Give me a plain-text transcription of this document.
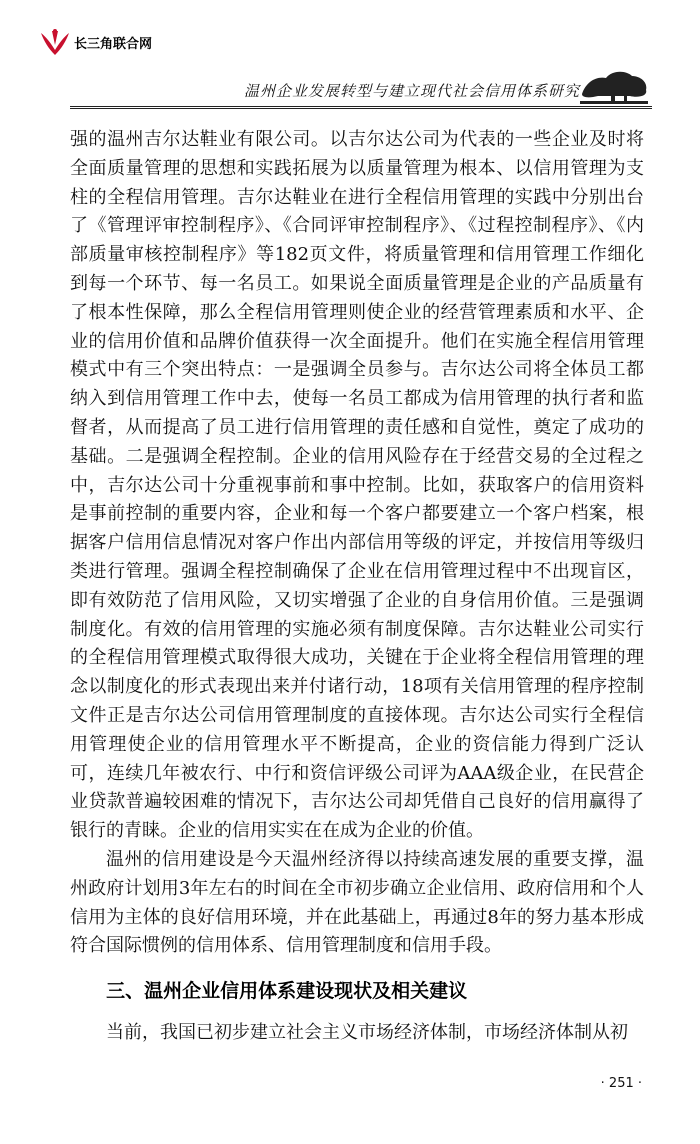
长三角联合网
温州企业发展转型与建立现代社会信用体系研究

强的温州吉尔达鞋业有限公司。以吉尔达公司为代表的一些企业及时将全面质量管理的思想和实践拓展为以质量管理为根本、以信用管理为支柱的全程信用管理。吉尔达鞋业在进行全程信用管理的实践中分别出台了《管理评审控制程序》、《合同评审控制程序》、《过程控制程序》、《内部质量审核控制程序》等182页文件，将质量管理和信用管理工作细化到每一个环节、每一名员工。如果说全面质量管理是企业的产品质量有了根本性保障，那么全程信用管理则使企业的经营管理素质和水平、企业的信用价值和品牌价值获得一次全面提升。他们在实施全程信用管理模式中有三个突出特点：一是强调全员参与。吉尔达公司将全体员工都纳入到信用管理工作中去，使每一名员工都成为信用管理的执行者和监督者，从而提高了员工进行信用管理的责任感和自觉性，奠定了成功的基础。二是强调全程控制。企业的信用风险存在于经营交易的全过程之中，吉尔达公司十分重视事前和事中控制。比如，获取客户的信用资料是事前控制的重要内容，企业和每一个客户都要建立一个客户档案，根据客户信用信息情况对客户作出内部信用等级的评定，并按信用等级归类进行管理。强调全程控制确保了企业在信用管理过程中不出现盲区，即有效防范了信用风险，又切实增强了企业的自身信用价值。三是强调制度化。有效的信用管理的实施必须有制度保障。吉尔达鞋业公司实行的全程信用管理模式取得很大成功，关键在于企业将全程信用管理的理念以制度化的形式表现出来并付诸行动，18项有关信用管理的程序控制文件正是吉尔达公司信用管理制度的直接体现。吉尔达公司实行全程信用管理使企业的信用管理水平不断提高，企业的资信能力得到广泛认可，连续几年被农行、中行和资信评级公司评为AAA级企业，在民营企业贷款普遍较困难的情况下，吉尔达公司却凭借自己良好的信用赢得了银行的青睐。企业的信用实实在在成为企业的价值。

温州的信用建设是今天温州经济得以持续高速发展的重要支撑，温州政府计划用3年左右的时间在全市初步确立企业信用、政府信用和个人信用为主体的良好信用环境，并在此基础上，再通过8年的努力基本形成符合国际惯例的信用体系、信用管理制度和信用手段。

三、温州企业信用体系建设现状及相关建议

当前，我国已初步建立社会主义市场经济体制，市场经济体制从初

· 251 ·
